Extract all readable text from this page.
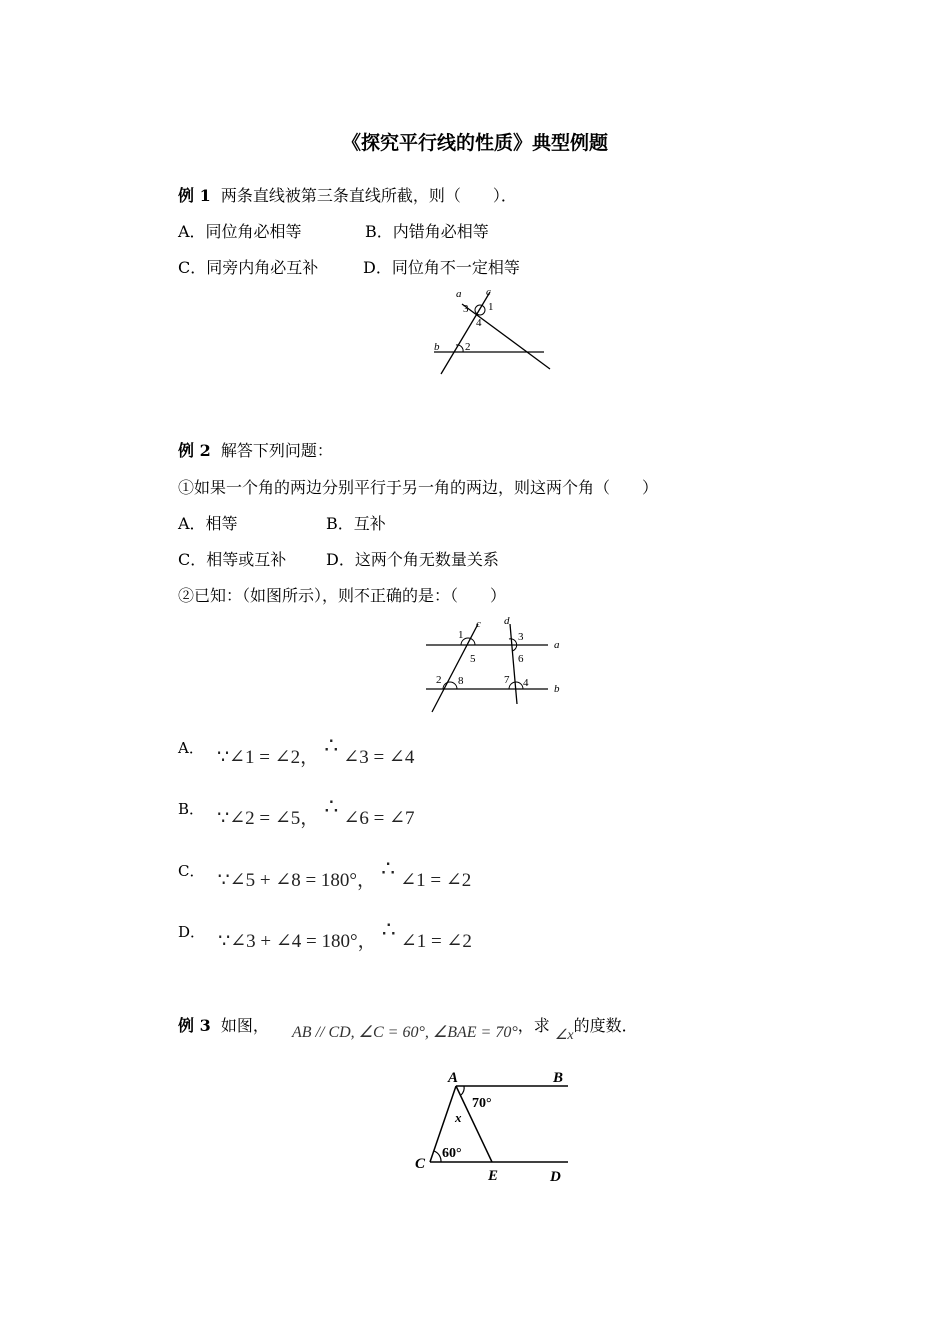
《探究平行线的性质》典型例题
例 1 两条直线被第三条直线所截，则（　　）．
A．同位角必相等	B．内错角必相等
C．同旁内角必互补	D．同位角不一定相等
a c
b
3 1
4
2
例 2 解答下列问题：
①如果一个角的两边分别平行于另一角的两边，则这两个角（　　）
A．相等	B．互补
C．相等或互补 D．这两个角无数量关系
②已知：（如图所示），则不正确的是：（　　）
c d
a
b
1
5
3
6
2 8	7 4
A． ∵∠1 = ∠2， ∴ ∠3 = ∠4
B． ∵∠2 = ∠5， ∴ ∠6 = ∠7
C． ∵∠5 + ∠8 = 180°， ∴ ∠1 = ∠2
D． ∵∠3 + ∠4 = 180°， ∴ ∠1 = ∠2
例 3 如图， AB // CD, ∠C = 60°, ∠BAE = 70°，求 ∠x的度数．
A	B
C
E	D
70°
x
60°
